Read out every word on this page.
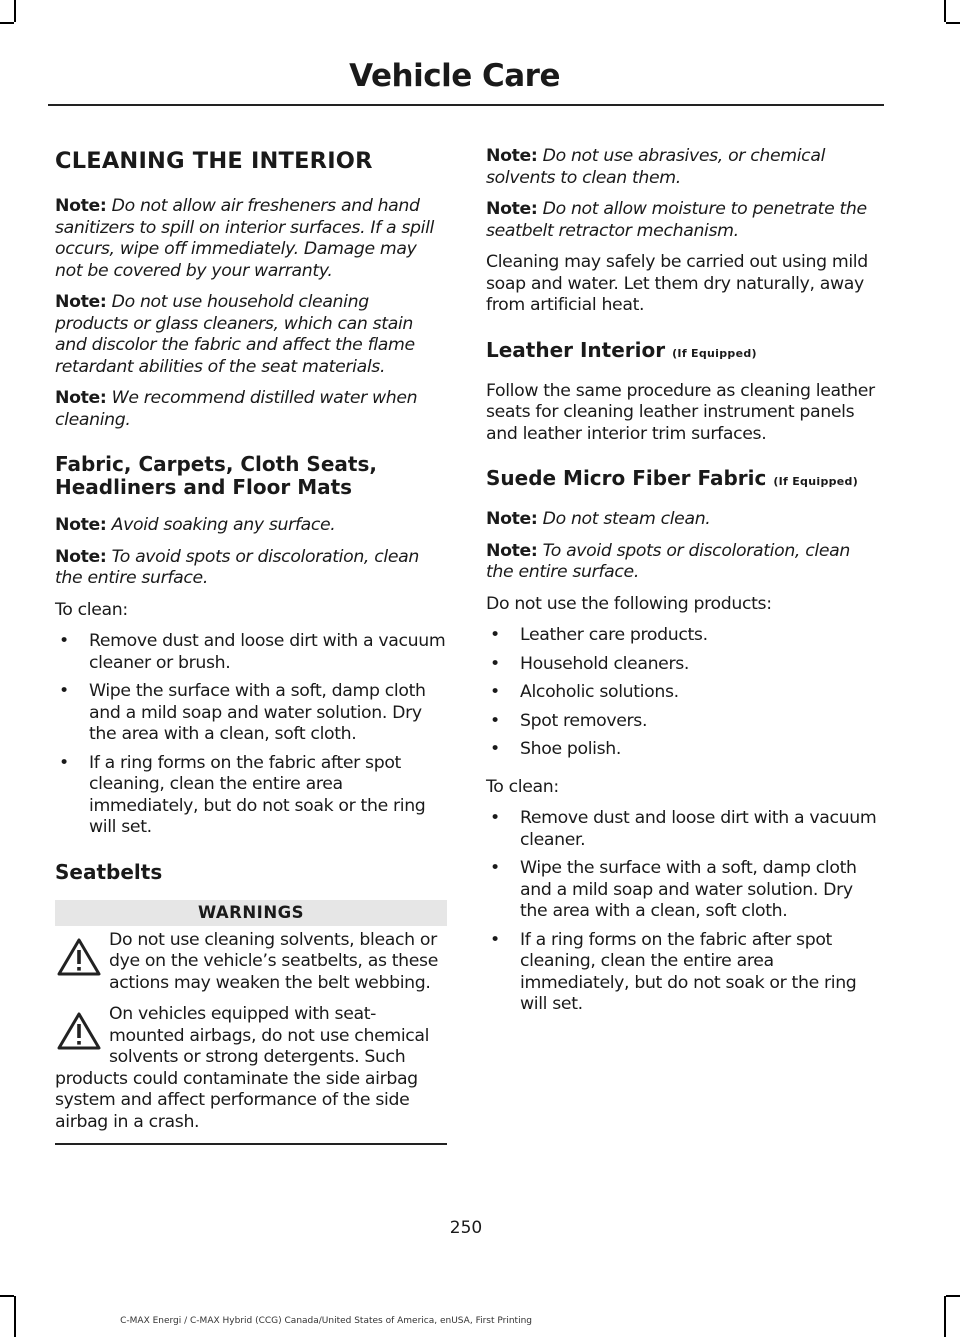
Vehicle Care
CLEANING THE INTERIOR

Note: Do not allow air fresheners and hand sanitizers to spill on interior surfaces. If a spill occurs, wipe off immediately. Damage may not be covered by your warranty.

Note: Do not use household cleaning products or glass cleaners, which can stain and discolor the fabric and affect the flame retardant abilities of the seat materials.

Note: We recommend distilled water when cleaning.

Fabric, Carpets, Cloth Seats, Headliners and Floor Mats

Note: Avoid soaking any surface.

Note: To avoid spots or discoloration, clean the entire surface.

To clean:

• Remove dust and loose dirt with a vacuum cleaner or brush.
• Wipe the surface with a soft, damp cloth and a mild soap and water solution. Dry the area with a clean, soft cloth.
• If a ring forms on the fabric after spot cleaning, clean the entire area immediately, but do not soak or the ring will set.
Seatbelts
WARNINGS

Do not use cleaning solvents, bleach or dye on the vehicle’s seatbelts, as these actions may weaken the belt webbing.

On vehicles equipped with seat-mounted airbags, do not use chemical solvents or strong detergents. Such products could contaminate the side airbag system and affect performance of the side airbag in a crash.

Note: Do not use abrasives, or chemical solvents to clean them.

Note: Do not allow moisture to penetrate the seatbelt retractor mechanism.

Cleaning may safely be carried out using mild soap and water. Let them dry naturally, away from artificial heat.

Leather Interior (If Equipped)

Follow the same procedure as cleaning leather seats for cleaning leather instrument panels and leather interior trim surfaces.

Suede Micro Fiber Fabric (If Equipped)

Note: Do not steam clean.

Note: To avoid spots or discoloration, clean the entire surface.

Do not use the following products:

• Leather care products.
• Household cleaners.
• Alcoholic solutions.
• Spot removers.
• Shoe polish.

To clean:

• Remove dust and loose dirt with a vacuum cleaner.
• Wipe the surface with a soft, damp cloth and a mild soap and water solution. Dry the area with a clean, soft cloth.
• If a ring forms on the fabric after spot cleaning, clean the entire area immediately, but do not soak or the ring will set.
250
C-MAX Energi / C-MAX Hybrid (CCG) Canada/United States of America, enUSA, First Printing
